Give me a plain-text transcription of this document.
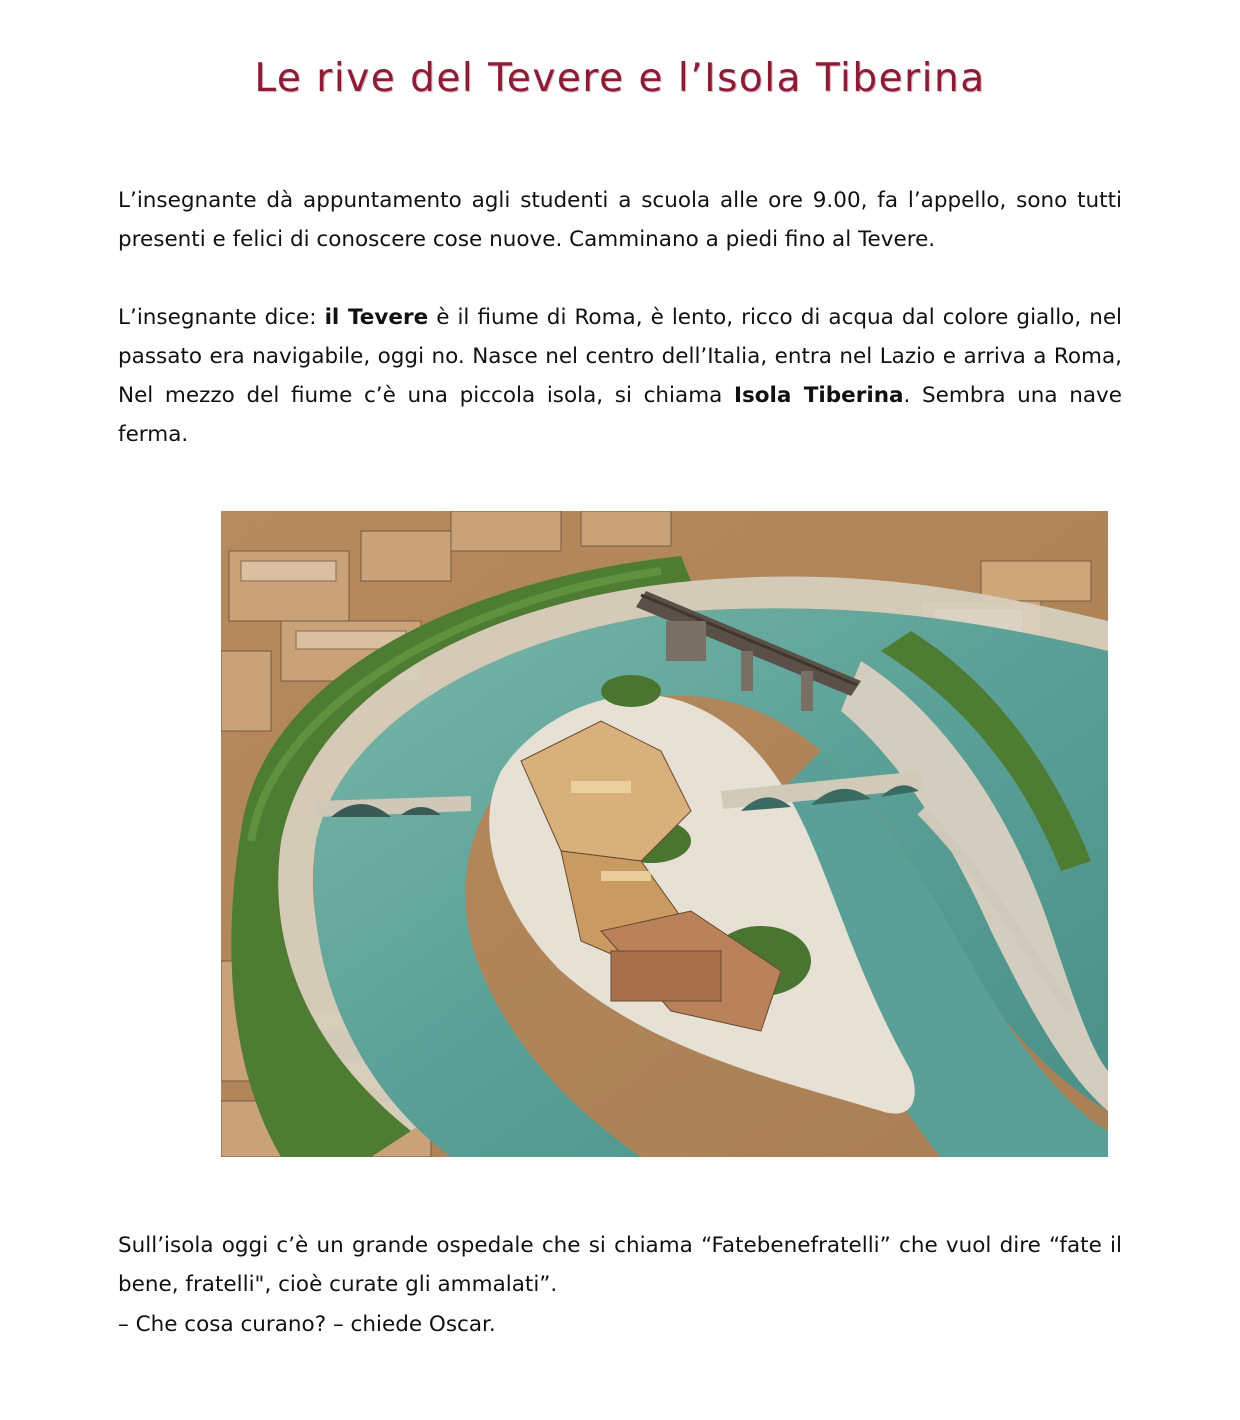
Le rive del Tevere e l’Isola Tiberina

L’insegnante dà appuntamento agli studenti a scuola alle ore 9.00, fa l’appello, sono tutti presenti e felici di conoscere cose nuove. Camminano a piedi fino al Tevere.

L’insegnante dice: il Tevere è il fiume di Roma, è lento, ricco di acqua dal colore giallo, nel passato era navigabile, oggi no. Nasce nel centro dell’Italia, entra nel Lazio e arriva a Roma, Nel mezzo del fiume c’è una piccola isola, si chiama Isola Tiberina. Sembra una nave ferma.

Sull’isola oggi c’è un grande ospedale che si chiama “Fatebenefratelli” che vuol dire “fate il bene, fratelli", cioè curate gli ammalati”.

– Che cosa curano? – chiede Oscar.
